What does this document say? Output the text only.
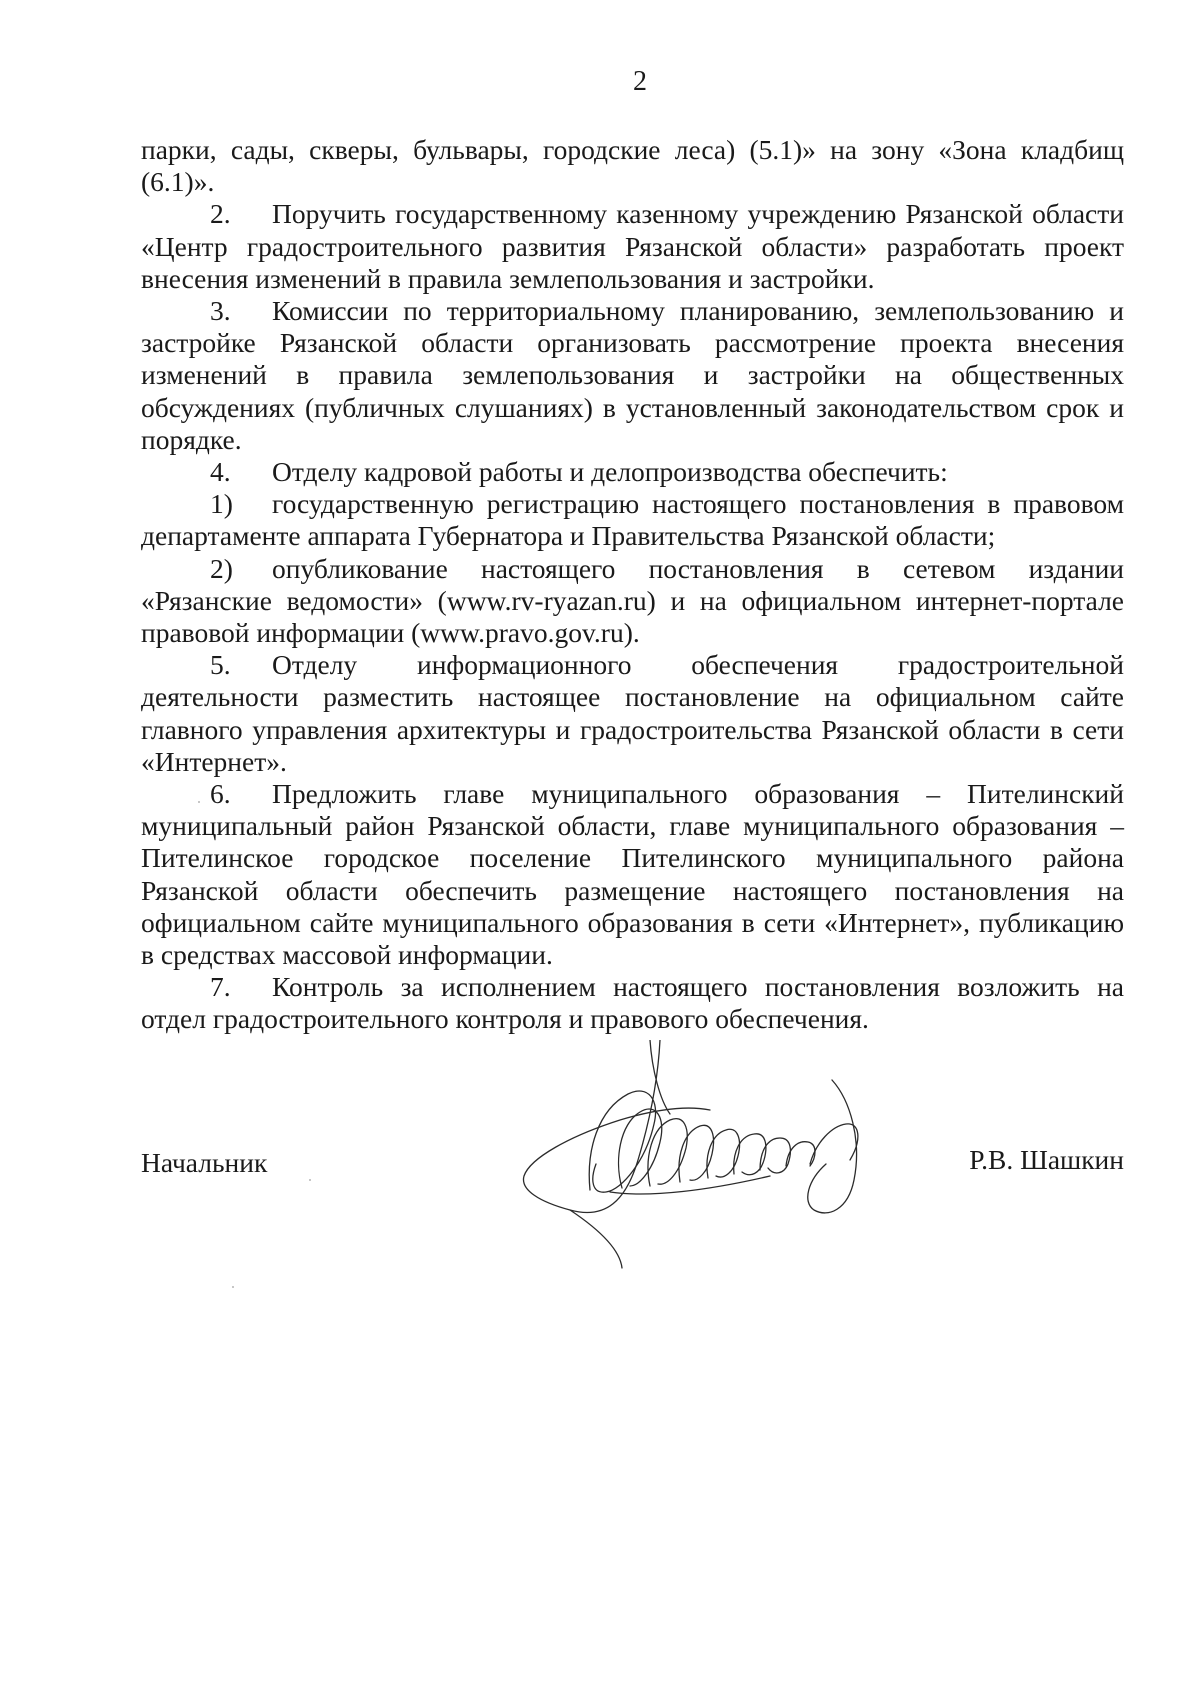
2

парки, сады, скверы, бульвары, городские леса) (5.1)» на зону «Зона кладбищ (6.1)».

2. Поручить государственному казенному учреждению Рязанской области «Центр градостроительного развития Рязанской области» разработать проект внесения изменений в правила землепользования и застройки.

3. Комиссии по территориальному планированию, землепользованию и застройке Рязанской области организовать рассмотрение проекта внесения изменений в правила землепользования и застройки на общественных обсуждениях (публичных слушаниях) в установленный законодательством срок и порядке.

4. Отделу кадровой работы и делопроизводства обеспечить:

1) государственную регистрацию настоящего постановления в правовом департаменте аппарата Губернатора и Правительства Рязанской области;

2) опубликование настоящего постановления в сетевом издании «Рязанские ведомости» (www.rv-ryazan.ru) и на официальном интернет-портале правовой информации (www.pravo.gov.ru).

5. Отделу информационного обеспечения градостроительной деятельности разместить настоящее постановление на официальном сайте главного управления архитектуры и градостроительства Рязанской области в сети «Интернет».

6. Предложить главе муниципального образования – Пителинский муниципальный район Рязанской области, главе муниципального образования – Пителинское городское поселение Пителинского муниципального района Рязанской области обеспечить размещение настоящего постановления на официальном сайте муниципального образования в сети «Интернет», публикацию в средствах массовой информации.

7. Контроль за исполнением настоящего постановления возложить на отдел градостроительного контроля и правового обеспечения.

Начальник	Р.В. Шашкин
